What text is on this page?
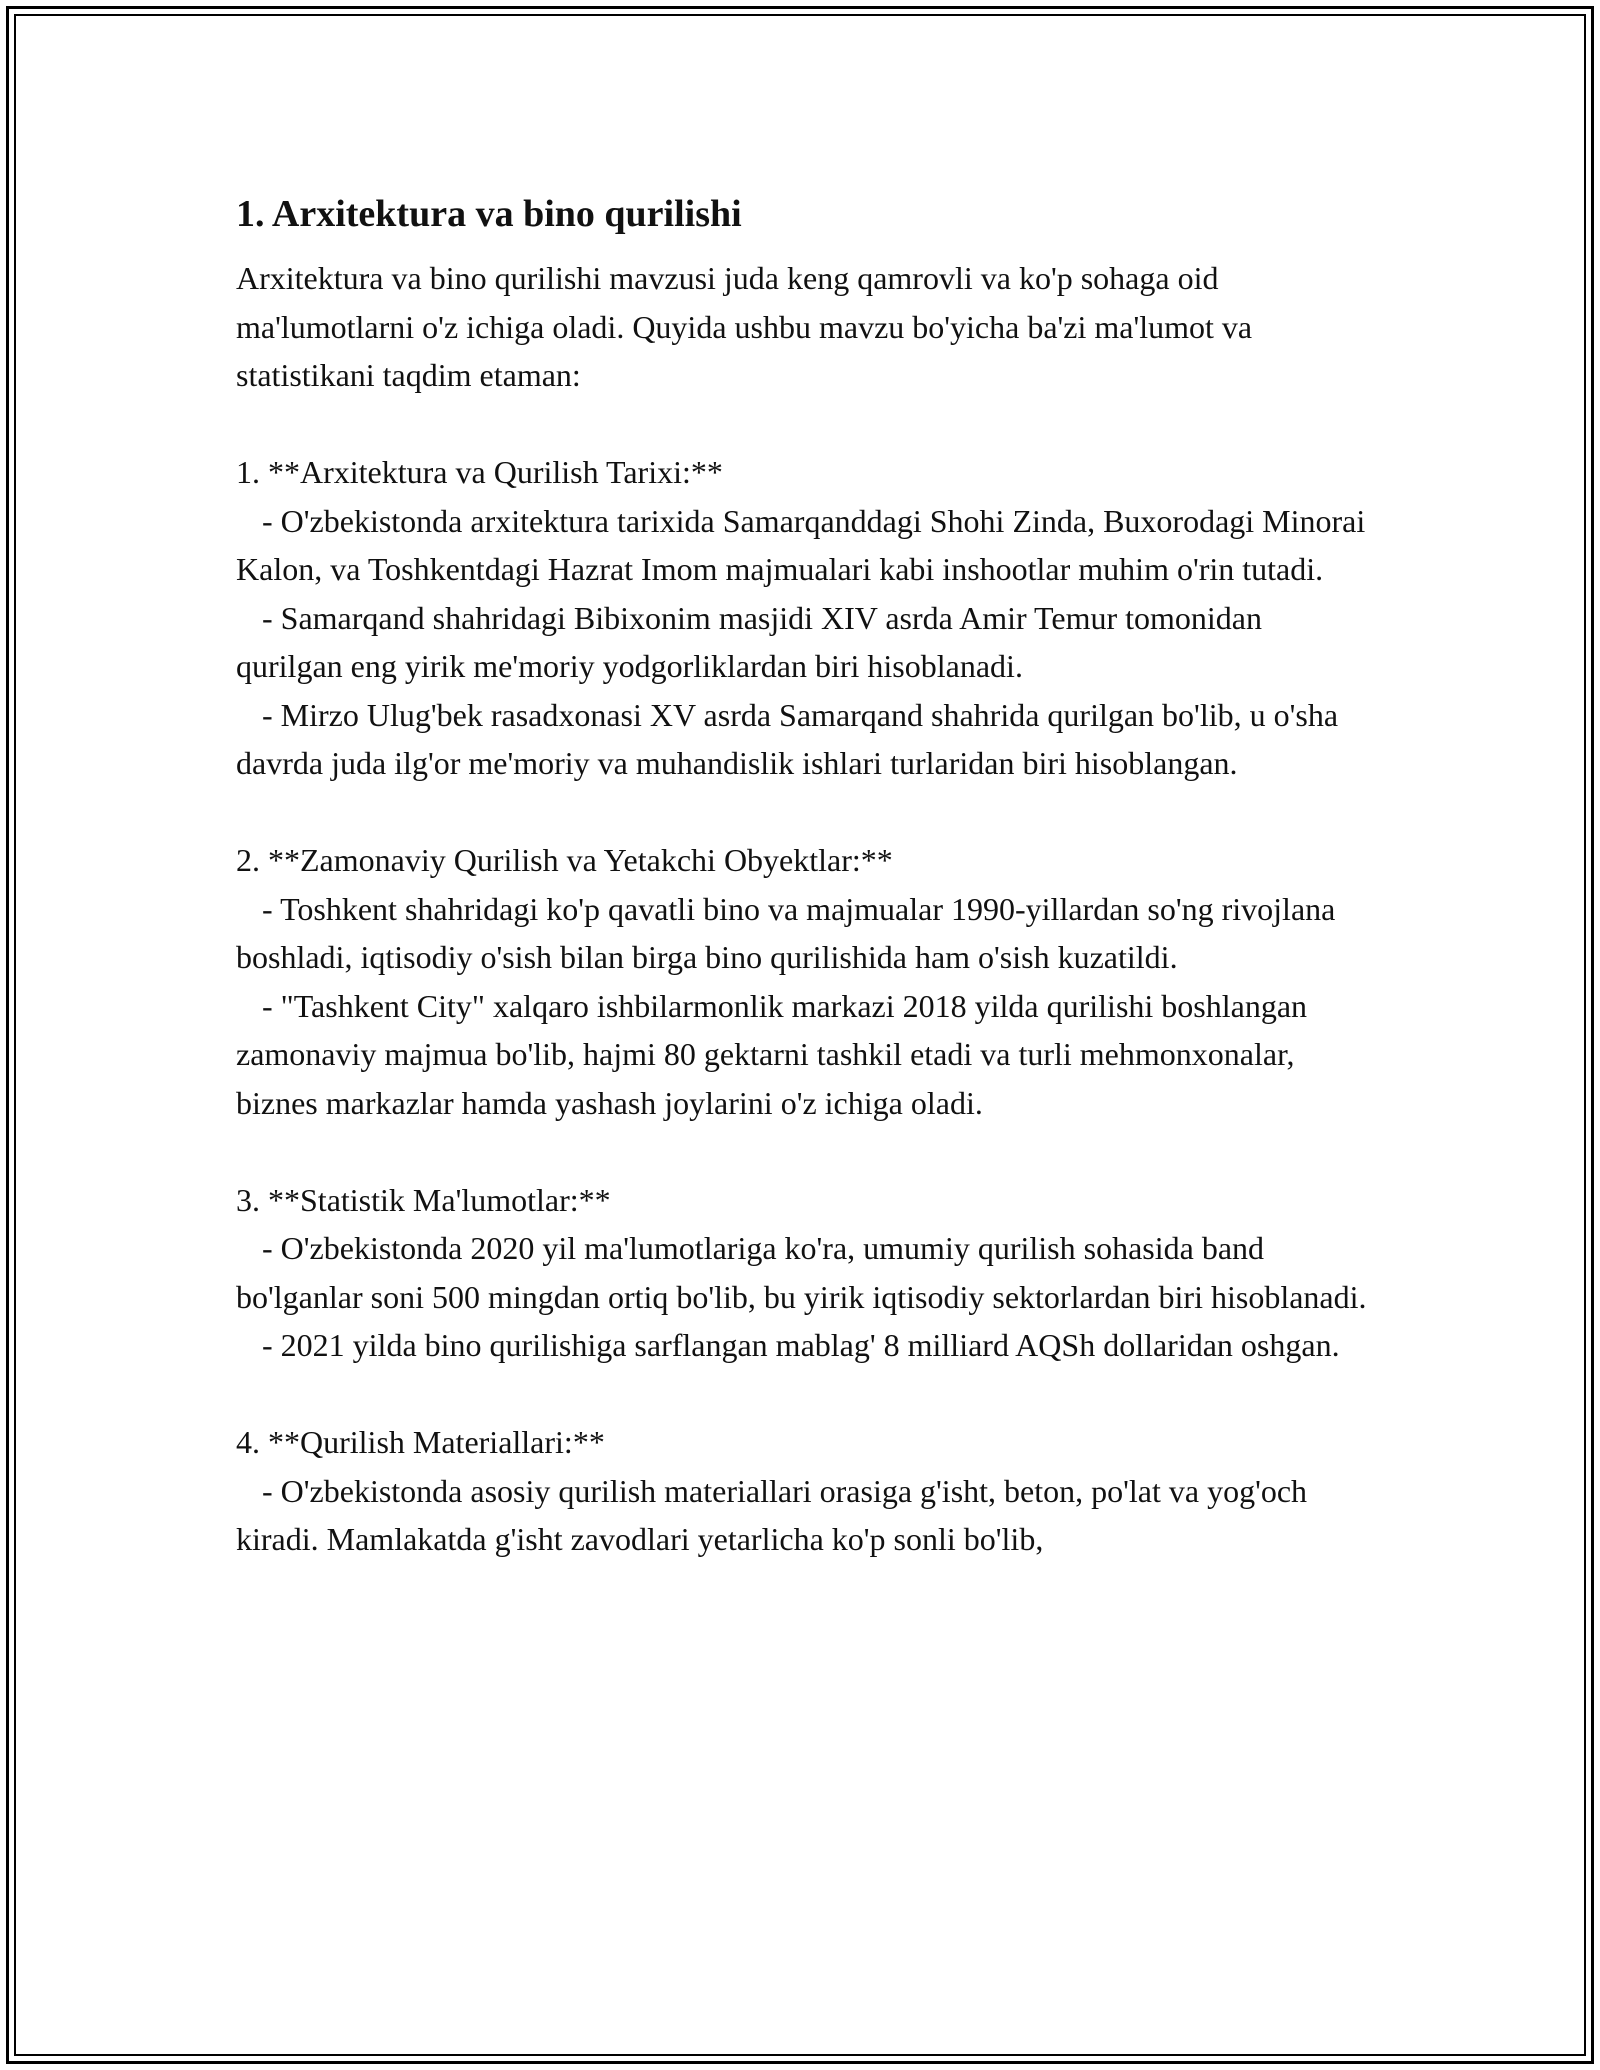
1. Arxitektura va bino qurilishi

Arxitektura va bino qurilishi mavzusi juda keng qamrovli va ko'p sohaga oid ma'lumotlarni o'z ichiga oladi. Quyida ushbu mavzu bo'yicha ba'zi ma'lumot va statistikani taqdim etaman:

1. **Arxitektura va Qurilish Tarixi:**

- O'zbekistonda arxitektura tarixida Samarqanddagi Shohi Zinda, Buxorodagi Minorai Kalon, va Toshkentdagi Hazrat Imom majmualari kabi inshootlar muhim o'rin tutadi.

- Samarqand shahridagi Bibixonim masjidi XIV asrda Amir Temur tomonidan qurilgan eng yirik me'moriy yodgorliklardan biri hisoblanadi.

- Mirzo Ulug'bek rasadxonasi XV asrda Samarqand shahrida qurilgan bo'lib, u o'sha davrda juda ilg'or me'moriy va muhandislik ishlari turlaridan biri hisoblangan.

2. **Zamonaviy Qurilish va Yetakchi Obyektlar:**

- Toshkent shahridagi ko'p qavatli bino va majmualar 1990-yillardan so'ng rivojlana boshladi, iqtisodiy o'sish bilan birga bino qurilishida ham o'sish kuzatildi.

- "Tashkent City" xalqaro ishbilarmonlik markazi 2018 yilda qurilishi boshlangan zamonaviy majmua bo'lib, hajmi 80 gektarni tashkil etadi va turli mehmonxonalar, biznes markazlar hamda yashash joylarini o'z ichiga oladi.

3. **Statistik Ma'lumotlar:**

- O'zbekistonda 2020 yil ma'lumotlariga ko'ra, umumiy qurilish sohasida band bo'lganlar soni 500 mingdan ortiq bo'lib, bu yirik iqtisodiy sektorlardan biri hisoblanadi.

- 2021 yilda bino qurilishiga sarflangan mablag' 8 milliard AQSh dollaridan oshgan.

4. **Qurilish Materiallari:**

- O'zbekistonda asosiy qurilish materiallari orasiga g'isht, beton, po'lat va yog'och kiradi. Mamlakatda g'isht zavodlari yetarlicha ko'p sonli bo'lib,
